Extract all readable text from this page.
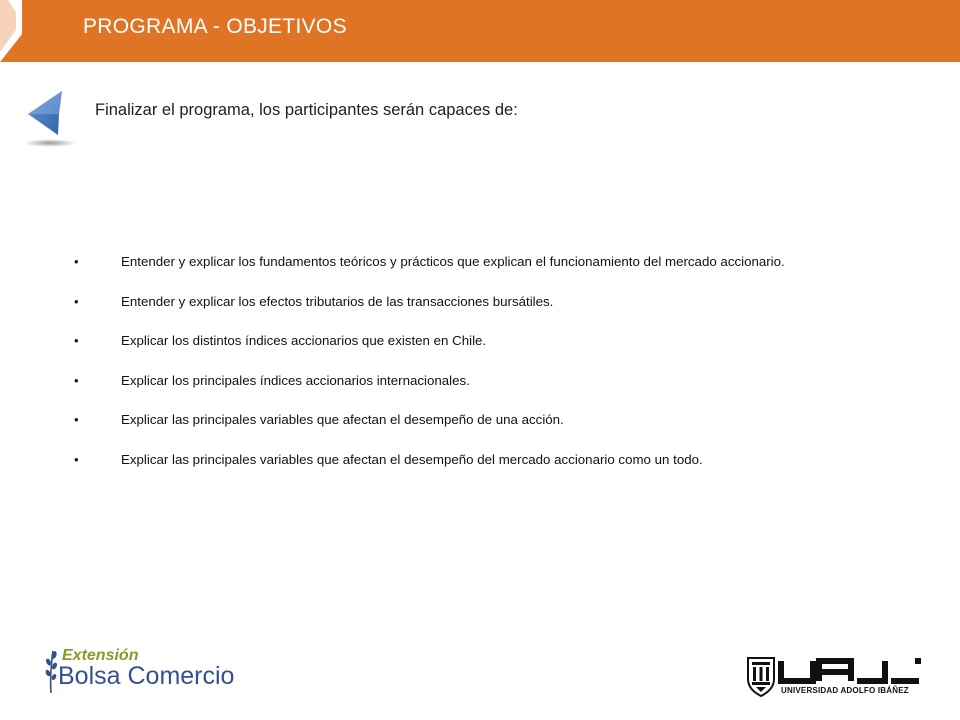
PROGRAMA - OBJETIVOS
Finalizar el programa, los participantes serán capaces de:
•	Entender y explicar los fundamentos teóricos y prácticos que explican el funcionamiento del mercado accionario.
•	Entender y explicar los efectos tributarios de las transacciones bursátiles.
•	Explicar los distintos índices accionarios que existen en Chile.
•	Explicar los principales índices accionarios internacionales.
•	Explicar las principales variables que afectan el desempeño de una acción.
•	Explicar las principales variables que afectan el desempeño del mercado accionario como un todo.
Extensión
Bolsa Comercio
UNIVERSIDAD ADOLFO IBÁÑEZ
